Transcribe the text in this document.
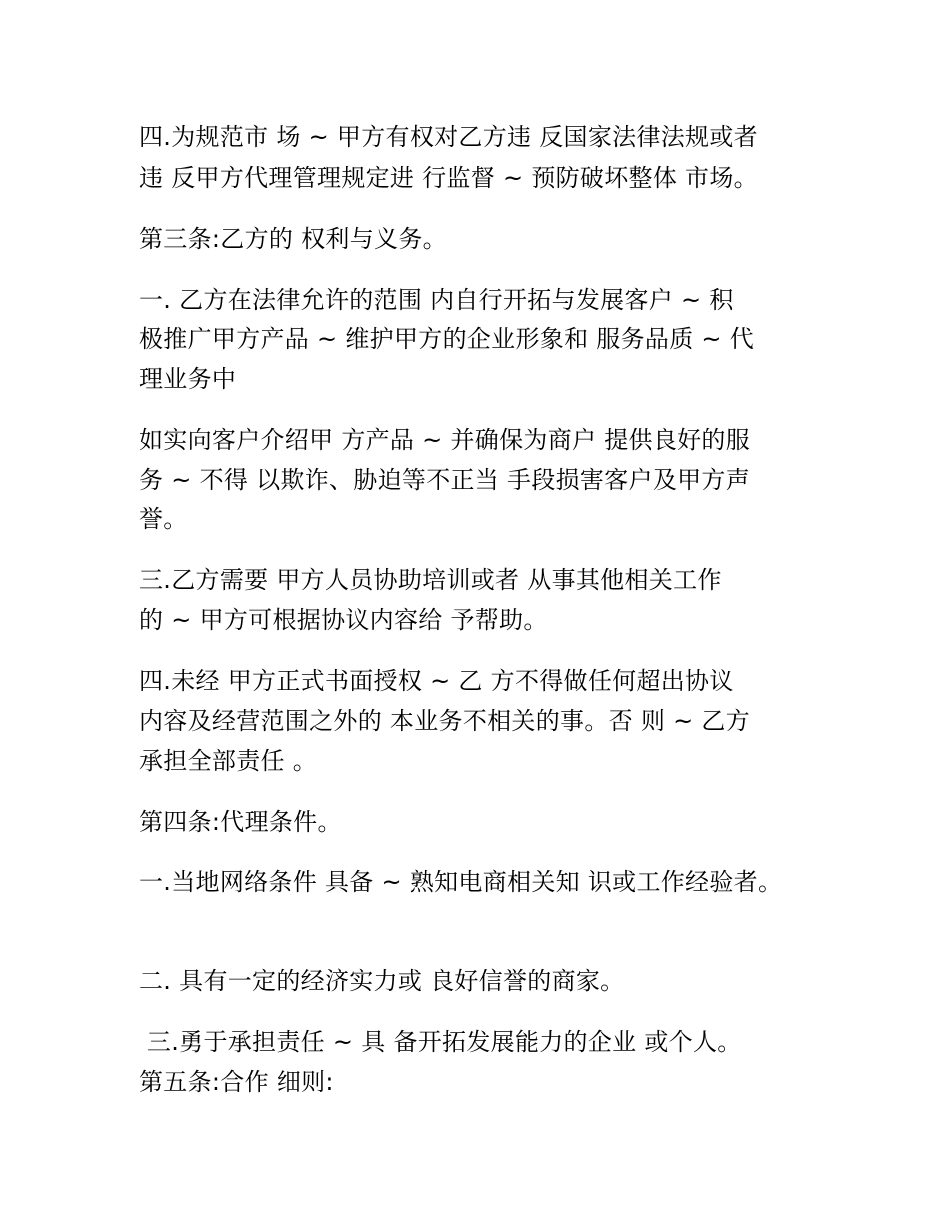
四.为规范市 场 ~ 甲方有权对乙方违 反国家法律法规或者
违 反甲方代理管理规定进 行监督 ~ 预防破坏整体 市场。
第三条:乙方的 权利与义务。
一. 乙方在法律允许的范围 内自行开拓与发展客户 ~ 积
极推广甲方产品 ~ 维护甲方的企业形象和 服务品质 ~ 代
理业务中
如实向客户介绍甲 方产品 ~ 并确保为商户 提供良好的服
务 ~ 不得 以欺诈、胁迫等不正当 手段损害客户及甲方声
誉。
三.乙方需要 甲方人员协助培训或者 从事其他相关工作
的 ~ 甲方可根据协议内容给 予帮助。
四.未经 甲方正式书面授权 ~ 乙 方不得做任何超出协议
内容及经营范围之外的 本业务不相关的事。否 则 ~ 乙方
承担全部责任 。
第四条:代理条件。
一.当地网络条件 具备 ~ 熟知电商相关知 识或工作经验者。
二. 具有一定的经济实力或 良好信誉的商家。
三.勇于承担责任 ~ 具 备开拓发展能力的企业 或个人。
第五条:合作 细则:
